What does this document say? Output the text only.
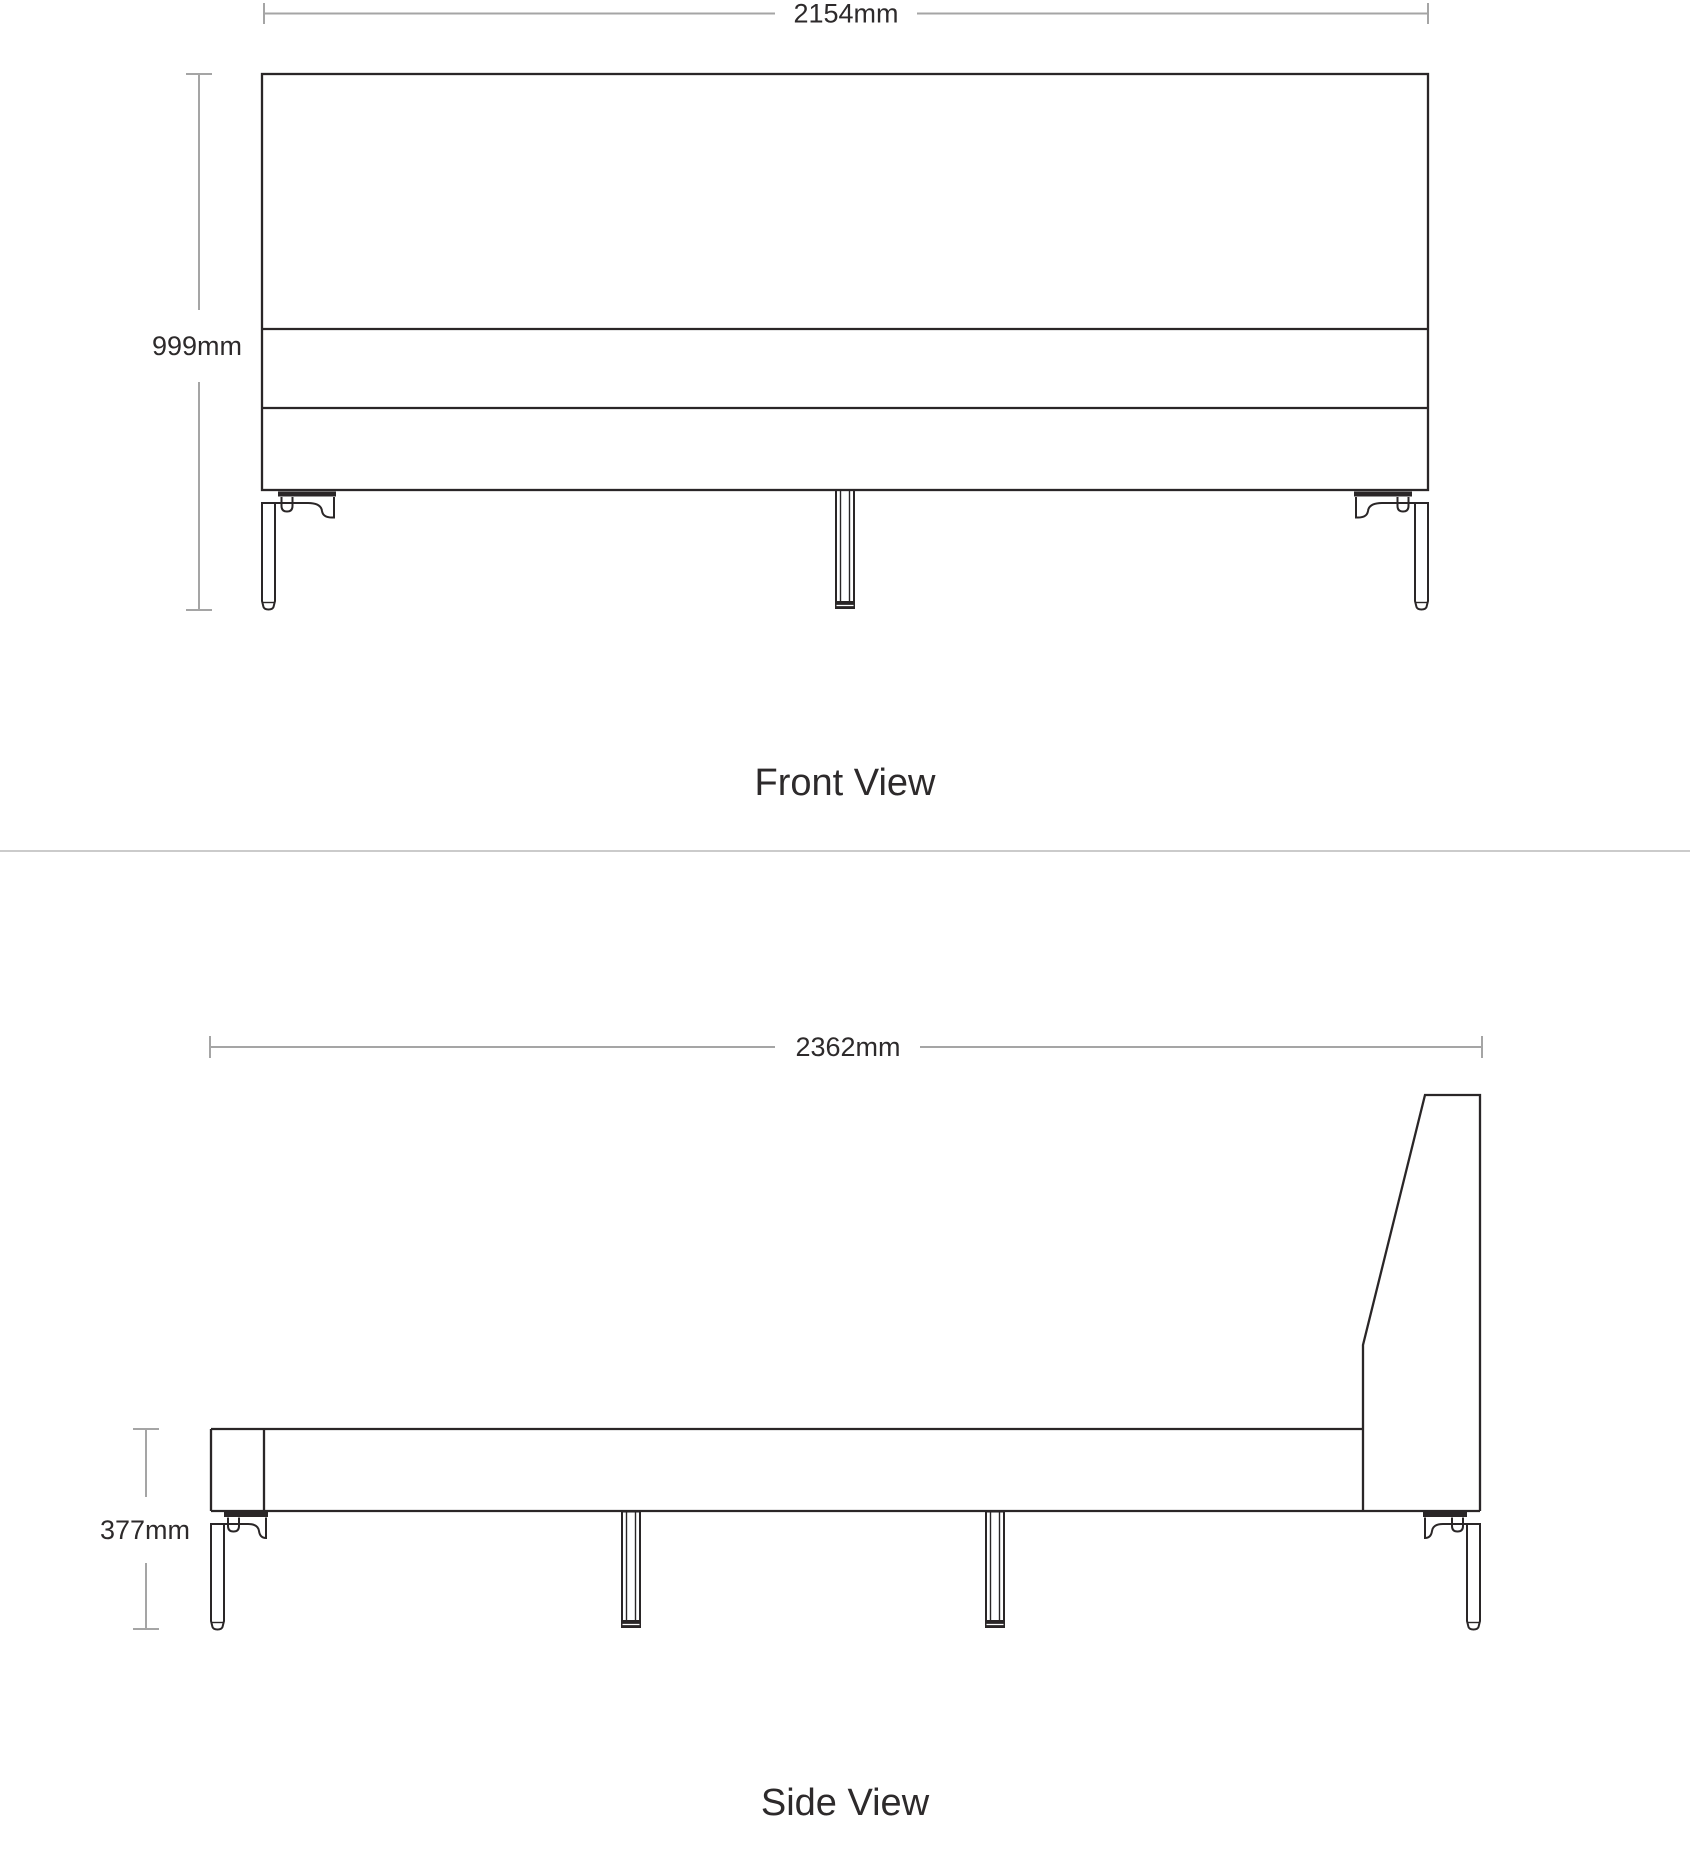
2154mm
999mm
Front View
2362mm
377mm
Side View
